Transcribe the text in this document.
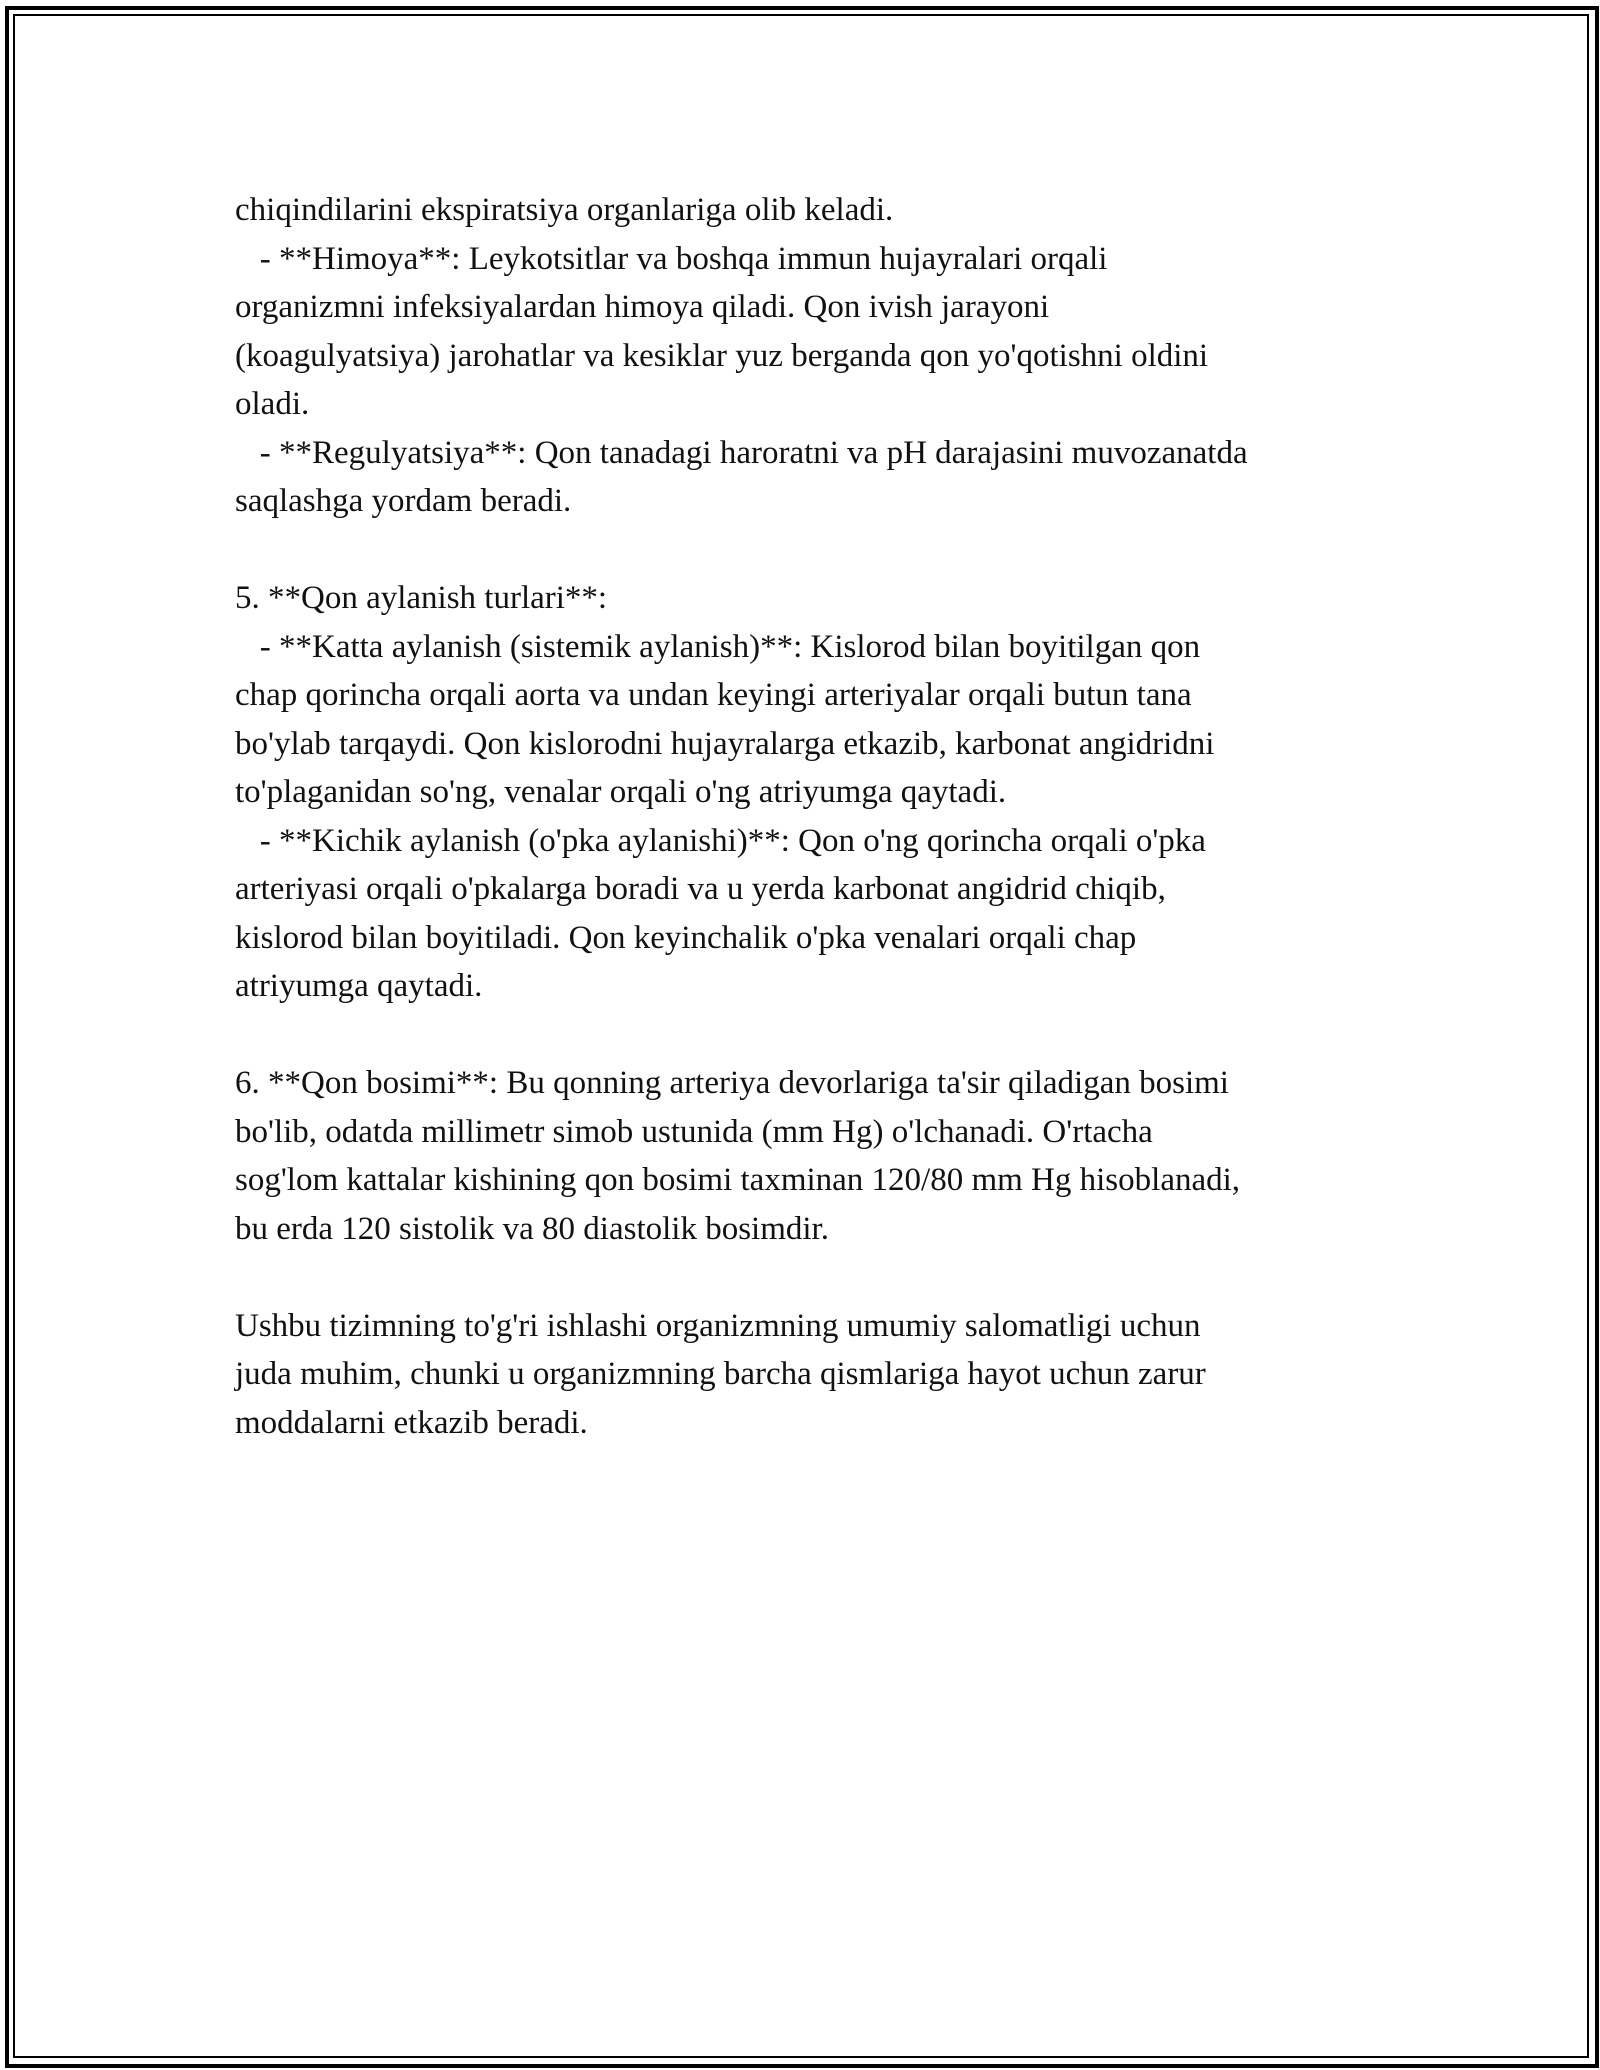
chiqindilarini ekspiratsiya organlariga olib keladi.
- **Himoya**: Leykotsitlar va boshqa immun hujayralari orqali
organizmni infeksiyalardan himoya qiladi. Qon ivish jarayoni
(koagulyatsiya) jarohatlar va kesiklar yuz berganda qon yo'qotishni oldini
oladi.
- **Regulyatsiya**: Qon tanadagi haroratni va pH darajasini muvozanatda
saqlashga yordam beradi.
5. **Qon aylanish turlari**:
- **Katta aylanish (sistemik aylanish)**: Kislorod bilan boyitilgan qon
chap qorincha orqali aorta va undan keyingi arteriyalar orqali butun tana
bo'ylab tarqaydi. Qon kislorodni hujayralarga etkazib, karbonat angidridni
to'plaganidan so'ng, venalar orqali o'ng atriyumga qaytadi.
- **Kichik aylanish (o'pka aylanishi)**: Qon o'ng qorincha orqali o'pka
arteriyasi orqali o'pkalarga boradi va u yerda karbonat angidrid chiqib,
kislorod bilan boyitiladi. Qon keyinchalik o'pka venalari orqali chap
atriyumga qaytadi.
6. **Qon bosimi**: Bu qonning arteriya devorlariga ta'sir qiladigan bosimi
bo'lib, odatda millimetr simob ustunida (mm Hg) o'lchanadi. O'rtacha
sog'lom kattalar kishining qon bosimi taxminan 120/80 mm Hg hisoblanadi,
bu erda 120 sistolik va 80 diastolik bosimdir.
Ushbu tizimning to'g'ri ishlashi organizmning umumiy salomatligi uchun
juda muhim, chunki u organizmning barcha qismlariga hayot uchun zarur
moddalarni etkazib beradi.
